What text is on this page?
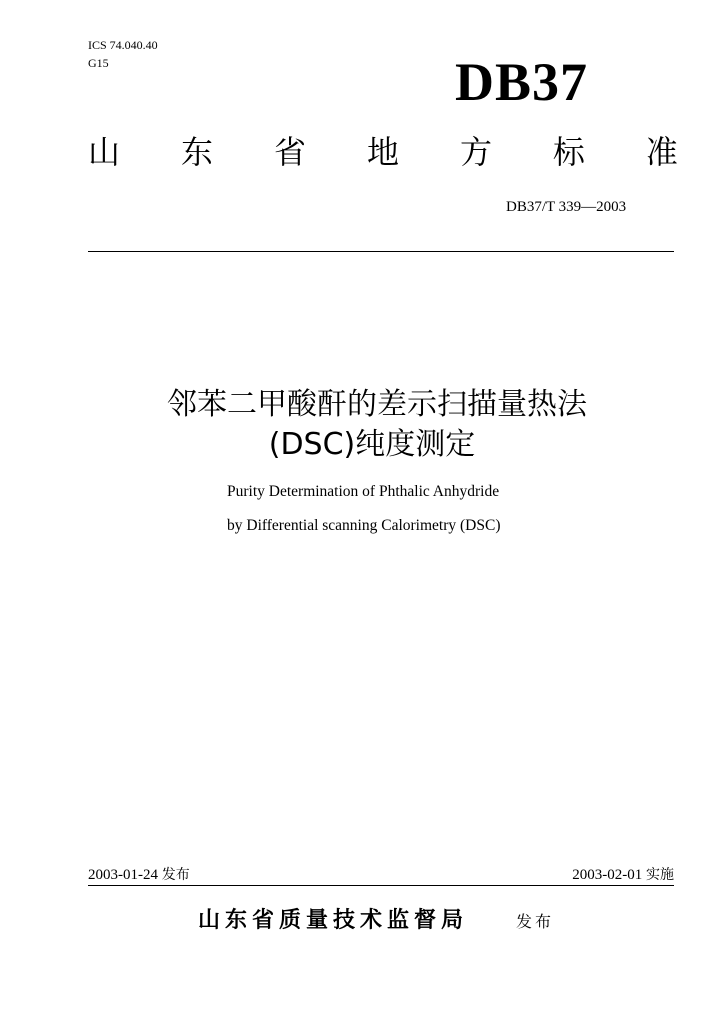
ICS 74.040.40
G15	DB37
山 东 省 地 方 标 准
DB37/T 339—2003
邻苯二甲酸酐的差示扫描量热法
(DSC)纯度测定
Purity Determination of Phthalic Anhydride
by Differential scanning Calorimetry (DSC)
2003-01-24 发布	2003-02-01 实施
山东省质量技术监督局	发布
